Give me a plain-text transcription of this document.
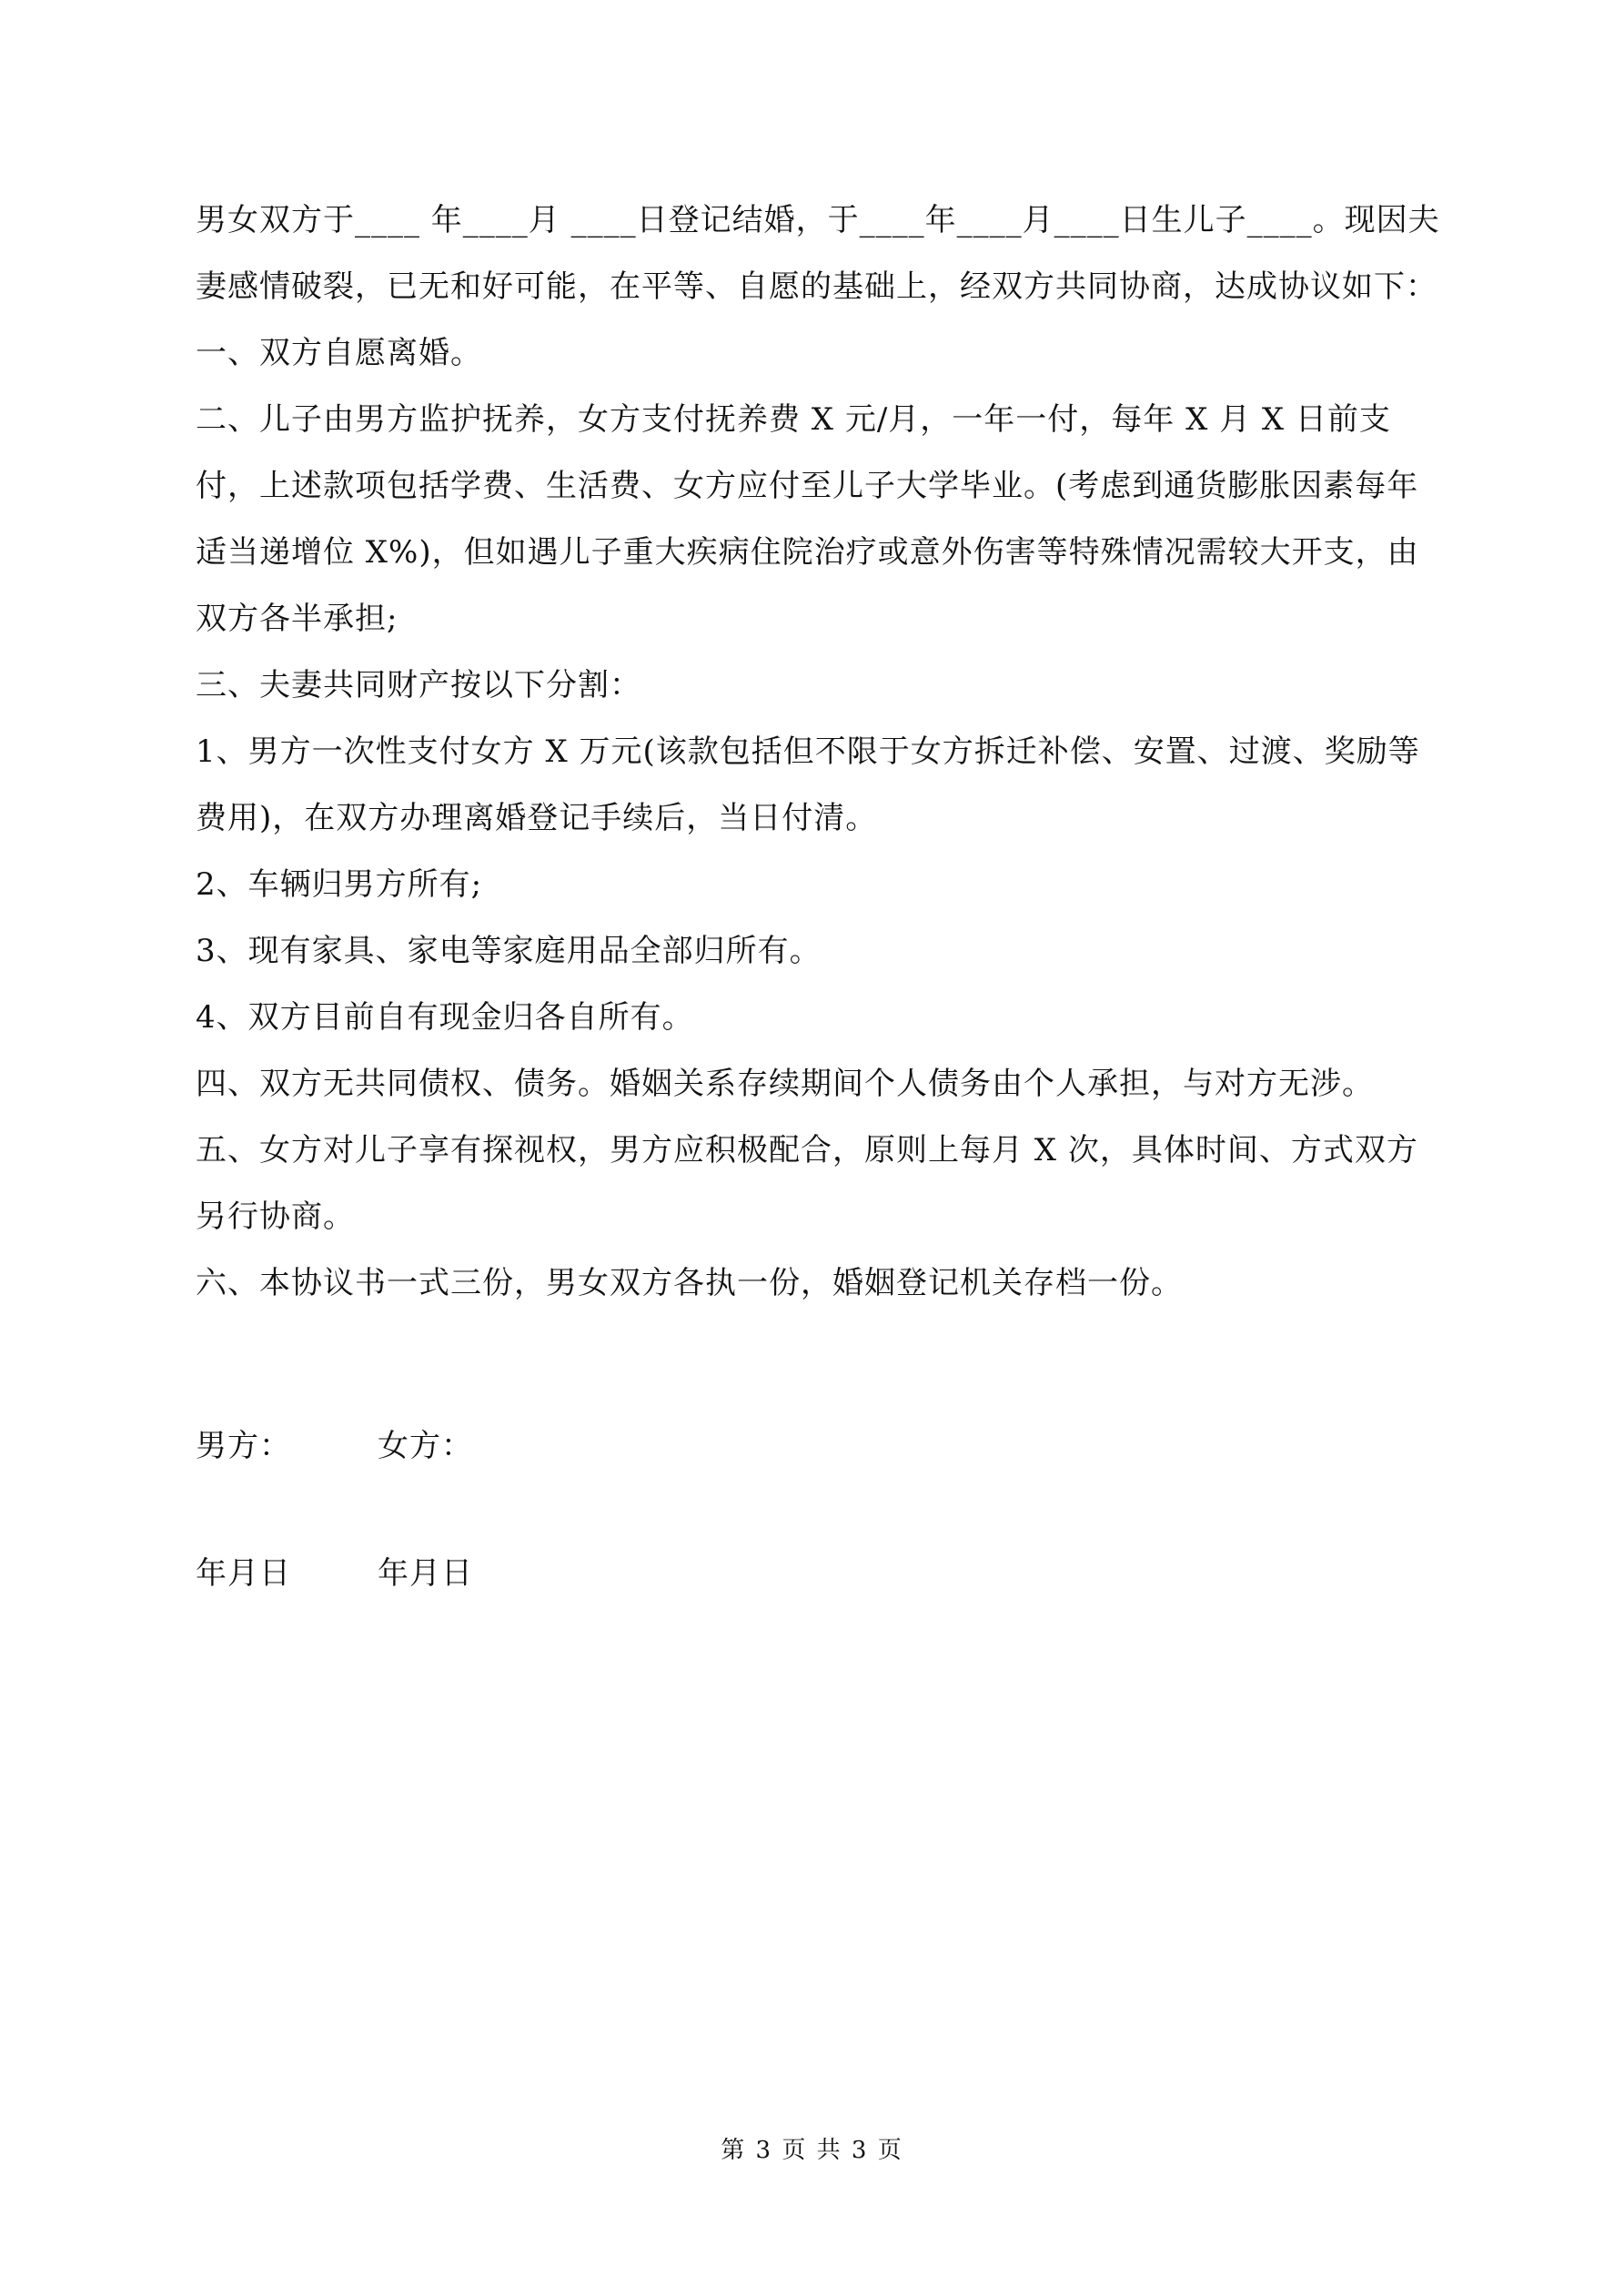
男女双方于____ 年____月 ____日登记结婚，于____年____月____日生儿子____。现因夫妻感情破裂，已无和好可能，在平等、自愿的基础上，经双方共同协商，达成协议如下：

一、双方自愿离婚。

二、儿子由男方监护抚养，女方支付抚养费 X 元/月，一年一付，每年 X 月 X 日前支付，上述款项包括学费、生活费、女方应付至儿子大学毕业。(考虑到通货膨胀因素每年适当递增位 X%)，但如遇儿子重大疾病住院治疗或意外伤害等特殊情况需较大开支，由双方各半承担;

三、夫妻共同财产按以下分割：

1、男方一次性支付女方 X 万元(该款包括但不限于女方拆迁补偿、安置、过渡、奖励等费用)，在双方办理离婚登记手续后，当日付清。

2、车辆归男方所有;

3、现有家具、家电等家庭用品全部归所有。

4、双方目前自有现金归各自所有。

四、双方无共同债权、债务。婚姻关系存续期间个人债务由个人承担，与对方无涉。

五、女方对儿子享有探视权，男方应积极配合，原则上每月 X 次，具体时间、方式双方另行协商。

六、本协议书一式三份，男女双方各执一份，婚姻登记机关存档一份。

男方：	女方：
年月日	年月日
第 3 页 共 3 页
